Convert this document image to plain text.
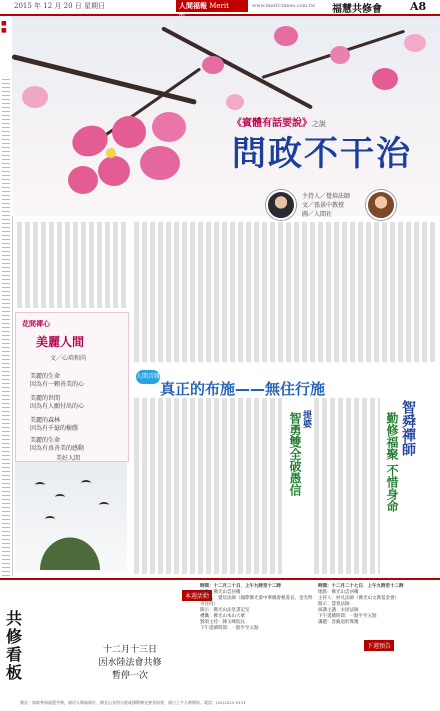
2015 年 12 月 20 日 星期日	人間福報 Merit	www.merit-times.com.tw 福慧共修會	A8
■
■
《賓體有話要說》之說
問政不干治
主持人／覺培法師
文／張景中教授
圖／人間社
花間禪心
美麗人間
文／心培和尚
美麗的生命
因為有一顆善美的心
美麗的世間
因為有人願付出的心
美麗的森林
因為有千億的樹蔭
美麗的生命
因為有真善美的感動
美好人間
人間音緣
真正的布施——無住行施
智舜禪師
勤修福聚 不惜身命
提婆
智勇雙全破愚信
共修看板
十二月十三日
因水陸法會共修
暫停一次
本週活動
下週預告
時間：十二月二十日．上午九時至十二時
地點：佛光山雲居樓
主持人：覺培法師（國際佛光會中華總會秘書長、金光明寺住持）
開示：佛光山法堂書記室
禮懺：佛光山本山大眾
贊頌主持：陳玉峰院長
下午延續時間：一點半至五點
時間：十二月二十七日．上午九時至十二時
地點：佛光山雲居樓
主持人：妙凡法師（佛光山文教基金會）
開示：慧寬法師
演講主講：永固法師
下午延續時間：一點半至五點
講題：菩薩道的實踐
備註：如欲參加福慧共修，請洽人間福報社、佛光山各別分院或國際佛光會各協會，週日上午九時開始。電話：(02)2523-0111
